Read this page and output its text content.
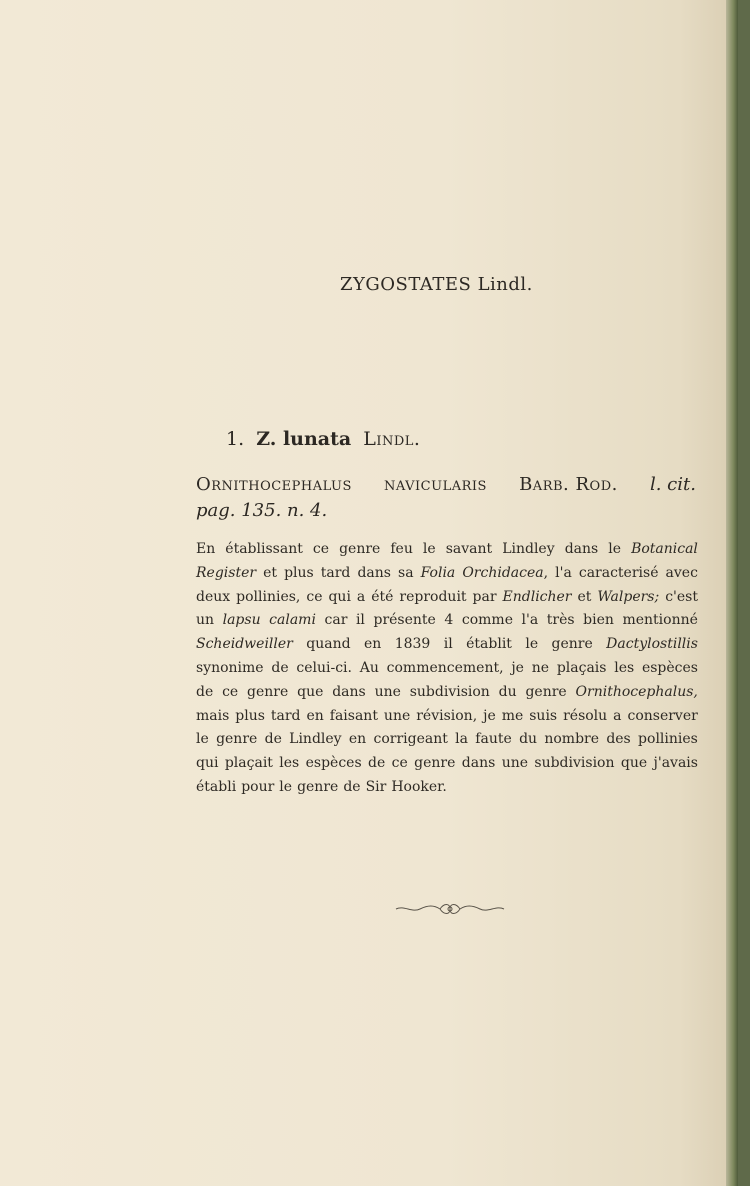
ZYGOSTATES Lindl.
1. Z. lunata Lindl.
Ornithocephalus navicularis Barb. Rod. l. cit.
pag. 135. n. 4.
En établissant ce genre feu le savant Lindley dans le Botanical
Register et plus tard dans sa Folia Orchidacea, l'a caracterisé avec
deux pollinies, ce qui a été reproduit par Endlicher et Walpers; c'est
un lapsu calami car il présente 4 comme l'a très bien mentionné
Scheidweiller quand en 1839 il établit le genre Dactylostillis
synonime de celui-ci. Au commencement, je ne plaçais les espèces
de ce genre que dans une subdivision du genre Ornithocephalus,
mais plus tard en faisant une révision, je me suis résolu a conserver
le genre de Lindley en corrigeant la faute du nombre des pollinies
qui plaçait les espèces de ce genre dans une subdivision que j'avais
établi pour le genre de Sir Hooker.
